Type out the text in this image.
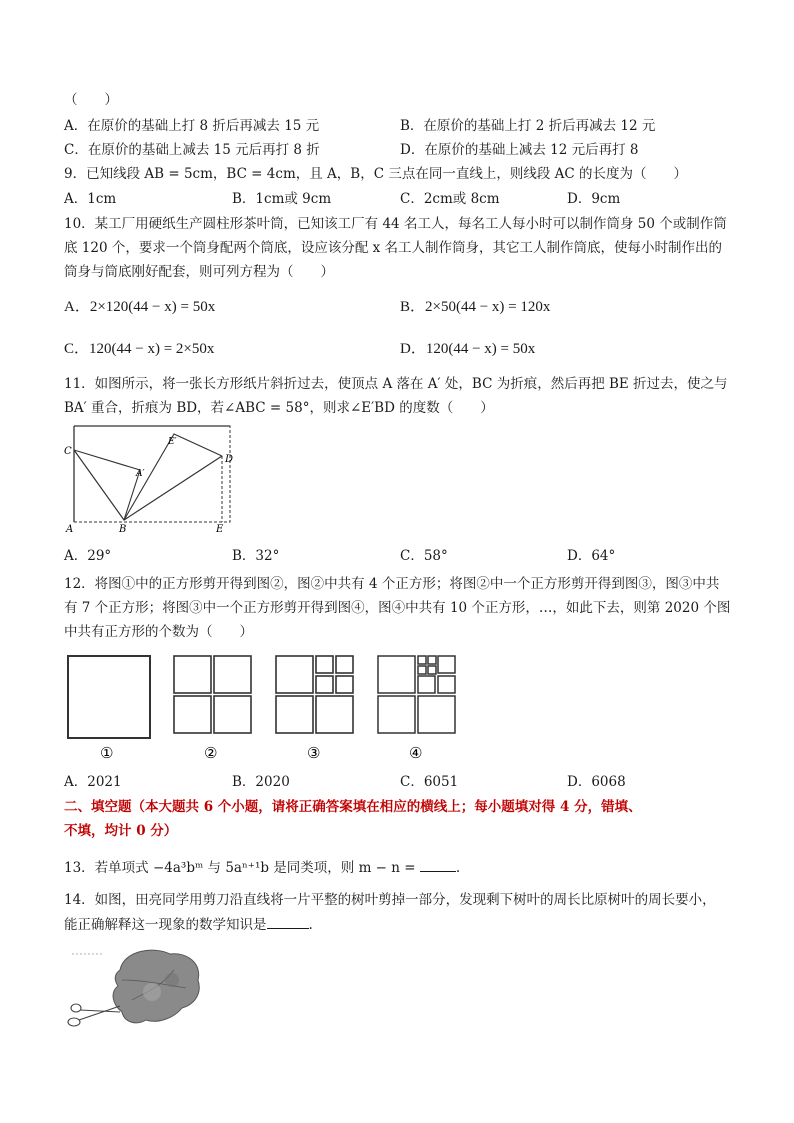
（　　）
A．在原价的基础上打 8 折后再减去 15 元	B．在原价的基础上打 2 折后再减去 12 元
C．在原价的基础上减去 15 元后再打 8 折	D．在原价的基础上减去 12 元后再打 8
9．已知线段 AB = 5cm，BC = 4cm，且 A，B，C 三点在同一直线上，则线段 AC 的长度为（　　）
A．1cm	B．1cm或 9cm	C．2cm或 8cm	D．9cm
10．某工厂用硬纸生产圆柱形茶叶筒，已知该工厂有 44 名工人，每名工人每小时可以制作筒身 50 个或制作筒
底 120 个，要求一个筒身配两个筒底，设应该分配 x 名工人制作筒身，其它工人制作筒底，使每小时制作出的
筒身与筒底刚好配套，则可列方程为（　　）
A．2×120(44 − x) = 50x	B．2×50(44 − x) = 120x
C．120(44 − x) = 2×50x	D．120(44 − x) = 50x
11．如图所示，将一张长方形纸片斜折过去，使顶点 A 落在 A′ 处，BC 为折痕，然后再把 BE 折过去，使之与
BA′ 重合，折痕为 BD，若∠ABC = 58°，则求∠E′BD 的度数（　　）
C
D
A	B	E
A′
E′
A．29°	B．32°	C．58°	D．64°
12．将图①中的正方形剪开得到图②，图②中共有 4 个正方形；将图②中一个正方形剪开得到图③，图③中共
有 7 个正方形；将图③中一个正方形剪开得到图④，图④中共有 10 个正方形，…，如此下去，则第 2020 个图
中共有正方形的个数为（　　）
①	②	③	④
A．2021	B．2020	C．6051	D．6068
二、填空题（本大题共 6 个小题，请将正确答案填在相应的横线上；每小题填对得 4 分，错填、
不填，均计 0 分）
13．若单项式 −4a³bᵐ 与 5aⁿ⁺¹b 是同类项，则 m − n =	.
14．如图，田亮同学用剪刀沿直线将一片平整的树叶剪掉一部分，发现剩下树叶的周长比原树叶的周长要小，
能正确解释这一现象的数学知识是	.
